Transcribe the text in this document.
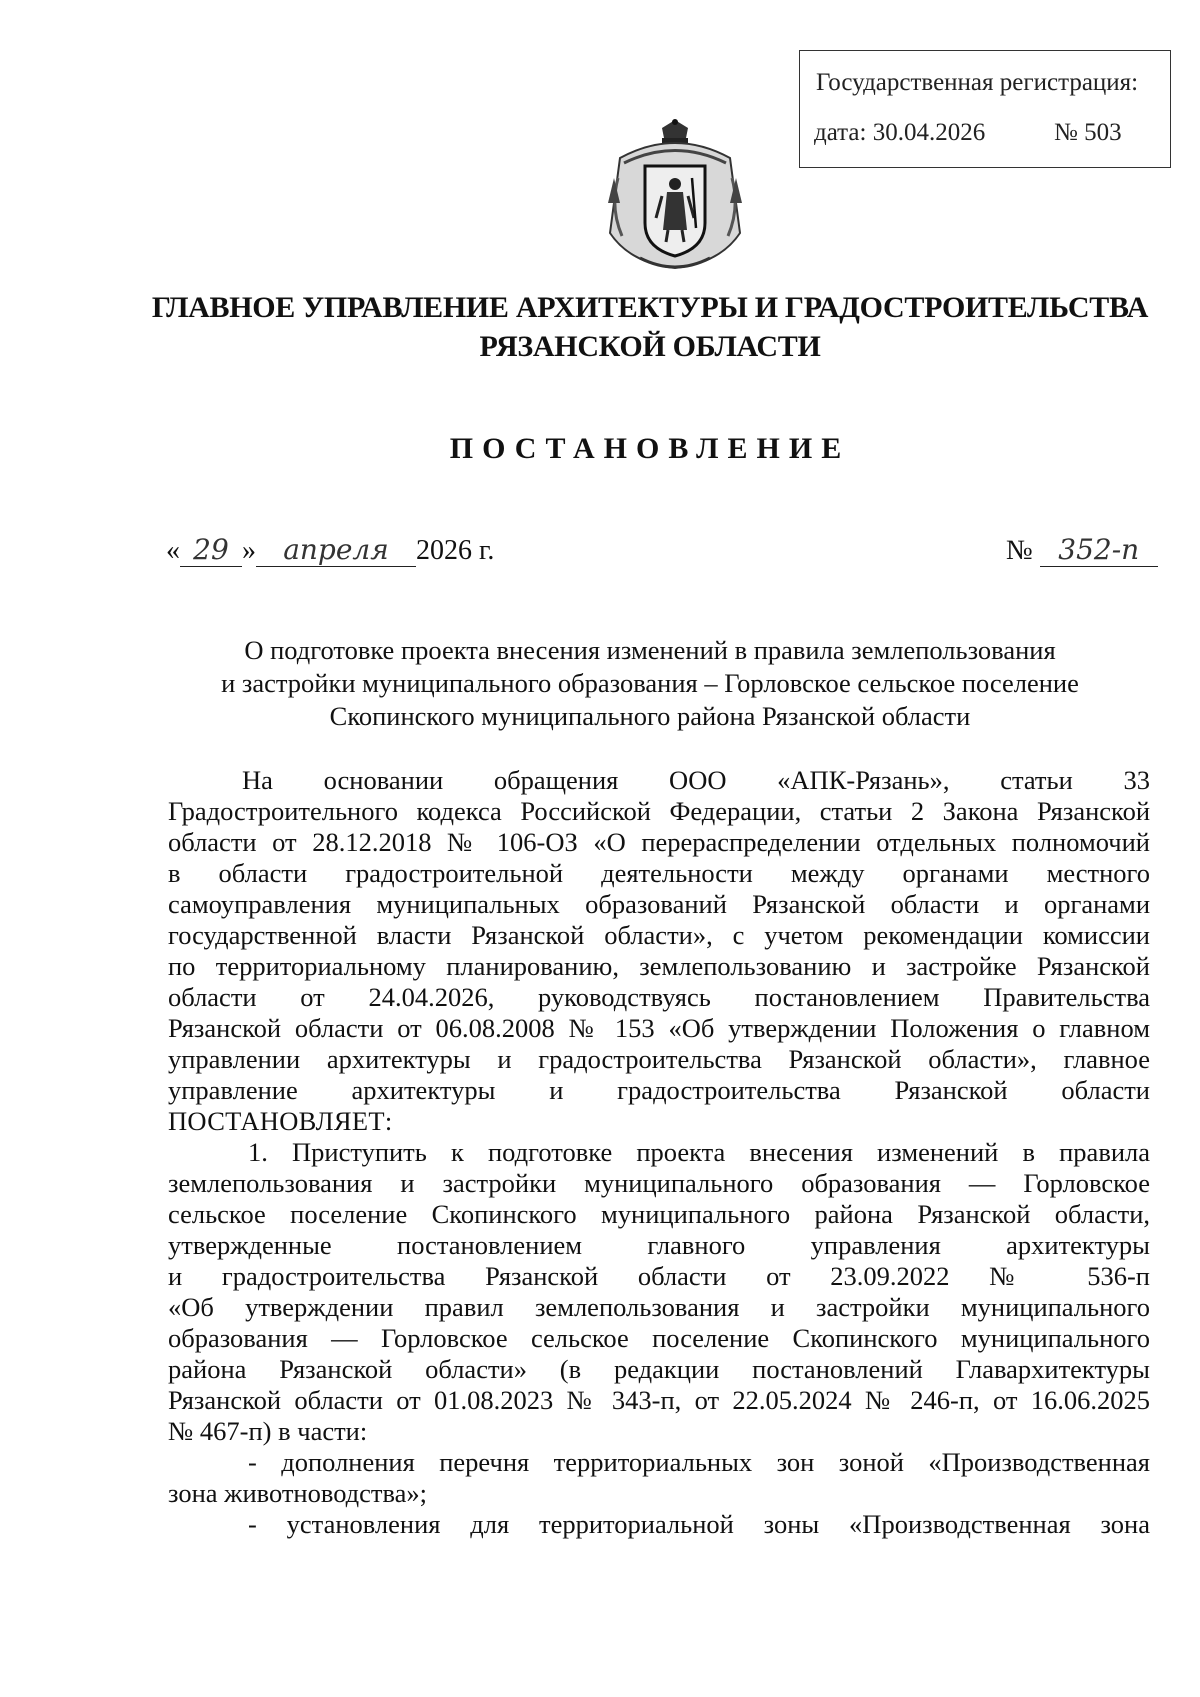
Государственная регистрация:
дата: 30.04.2026	№ 503
ГЛАВНОЕ УПРАВЛЕНИЕ АРХИТЕКТУРЫ И ГРАДОСТРОИТЕЛЬСТВА
РЯЗАНСКОЙ ОБЛАСТИ
ПОСТАНОВЛЕНИЕ
« 29 » апреля 2026 г.	№ 352-п
О подготовке проекта внесения изменений в правила землепользования
и застройки муниципального образования – Горловское сельское поселение
Скопинского муниципального района Рязанской области

На основании обращения ООО «АПК-Рязань», статьи 33

Градостроительного кодекса Российской Федерации, статьи 2 Закона Рязанской

области от 28.12.2018 № 106-ОЗ «О перераспределении отдельных полномочий

в области градостроительной деятельности между органами местного

самоуправления муниципальных образований Рязанской области и органами

государственной власти Рязанской области», с учетом рекомендации комиссии

по территориальному планированию, землепользованию и застройке Рязанской

области от 24.04.2026, руководствуясь постановлением Правительства

Рязанской области от 06.08.2008 № 153 «Об утверждении Положения о главном

управлении архитектуры и градостроительства Рязанской области», главное

управление архитектуры и градостроительства Рязанской области

ПОСТАНОВЛЯЕТ:

1. Приступить к подготовке проекта внесения изменений в правила

землепользования и застройки муниципального образования — Горловское

сельское поселение Скопинского муниципального района Рязанской области,

утвержденные постановлением главного управления архитектуры

и градостроительства Рязанской области от 23.09.2022 № 536-п

«Об утверждении правил землепользования и застройки муниципального

образования — Горловское сельское поселение Скопинского муниципального

района Рязанской области» (в редакции постановлений Главархитектуры

Рязанской области от 01.08.2023 № 343-п, от 22.05.2024 № 246-п, от 16.06.2025

№ 467-п) в части:

- дополнения перечня территориальных зон зоной «Производственная

зона животноводства»;

- установления для территориальной зоны «Производственная зона
